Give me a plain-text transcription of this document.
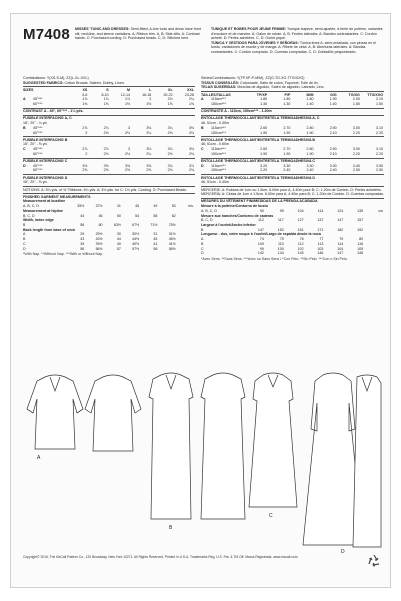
M7408 MISSES' TUNIC AND DRESSES: Semi-fitted, A-line tunic and dress have front slit, neckline, and sleeve variations. A: Ribbon trim. A, B: Side slits. A: Contrast bands. C: Purchased cording. D: Purchased beads. C, D: Stitched hem.
TUNIQUE ET ROBES POUR JEUNE FEMME: Tunique trapèze, semi-ajustée, à fente de poitrine, variantes d'encolure et de manche. A: Galon de ruban. A, B: Fentes latérales. A: Bandes contrastantes. C: Cordon acheté. D: Perles achetées. C, D: Ourlet piqué.
TÚNICA Y VESTIDOS PARA JÓVENES Y SEÑORAS: Túnica línea A, semi-entallada, con pinzas en el busto, variaciones de escote y de manga. A: Ribete de cinta. A, B: Aberturas laterales. A: Bandas contrastantes. C: Cordón comprado. D: Cuentas compradas. C, D: Dobladillo pespunteado.
Combinations: Y(XS-S-M), ZZ(L-XL-XXL)
SUGGESTED FABRICS: Cotton Broads, Sateen, Dobby, Linen.
SIZES	XS	S	M	L	XL	XXL
4-6	8-10	12-14	16-18	20-22	24-26
A	45"***	1⅞	1⅞	1⅞	2	2⅛	2¼
60"***	1⅜	1⅜	1½	1½	1⅝	1⅝
CONTRAST A - 45", 60"*** - 1¼ yds.
FUSIBLE INTERFACING A, C
18", 20" - ¼ yd.
B	45"***	2⅞	2⅞	3	3⅛	3¼	3⅜
60"***	2	2⅛	2⅛	2¼	2⅜	2⅜
FUSIBLE INTERFACING B
18", 20" - ⅝ yd.
C	45"***	2⅞	2⅞	3	3⅛	3¼	3⅜
60"***	2	2⅛	2⅛	2¼	2⅜	2⅜
FUSIBLE INTERFACING C
D	45"***	3½	3⅝	3⅝	3⅝	3¾	3⅞
60"***	2⅜	2⅝	2⅝	2⅝	2¾	2¾
FUSIBLE INTERFACING D
18", 20" - ⅜ yd.
NOTIONS: A: 5¼ yds. of ⅜" Ribbons. 6¼ yds. A: 4⅛ yds. for C: 1⅛ yds. Cording. D: Purchased Beads.
FINISHED GARMENT MEASUREMENTS
Measurement at bustline
A, B, C, D	35½	37½	41	45	49	53	ins.
Measurement at hipline
B, C, D	44	46	50	54	58	62
Width, lower edge
B	58	60	63½	67½	71½	75½
Back length from base of neck
A	29	29½	30	30½	31	31½
B	43	43½	44	44½	45	45½
C	39	39½	40	40½	41	41½
D	56	56½	57	57½	58	58½
*With Nap. **Without Nap. ***With or Without Nap.
Séries/Combinaisons: Y(TP.XP-P-M/M), ZZ(G-TG-XG-TTG/XXG)
TISSUS CONSEILLÉS: Cotonnade, Satin de coton, Façonné, Toile de lin.
TELAS SUGERIDAS: Mezclas de algodón, Satén de algodón, Labrado, Lino.
TAILLES/TALLAS	TP/XP	P/P	M/M	G/G	TG/XG	TTG/XXG
A	115cm***	1.80	1.80	1.80	1.90	2.00	2.10
150cm***	1.30	1.30	1.40	1.40	1.50	1.50
CONTRASTE A - 115cm, 150cm*** - 1.20m
ENTOLLAGE THERMOCOLLANT/ENTRETELA TERMOADHESIVA A, C
46, 51cm - 0.30m
B	115cm***	2.60	2.70	2.80	2.90	3.00	3.10
150cm***	1.90	1.90	1.90	2.10	2.20	2.20
ENTOLLAGE THERMOCOLLANT/ENTRETELA TERMOADHESIVA B
46, 51cm - 0.60m
C	115cm***	2.60	2.70	2.80	2.90	3.00	3.10
150cm***	1.90	1.90	1.90	2.10	2.20	2.20
ENTOLLAGE THERMOCOLLANT/ENTRETELA TERMOADHESIVA C
D	115cm***	3.20	3.30	3.30	3.30	3.40	3.50
150cm***	2.20	2.40	2.40	2.40	2.50	2.50
ENTOLLAGE THERMOCOLLANT/ENTRETELA TERMOADHESIVA D
46, 51cm - 0.40m
MERCERIE: A: Rubans de 1cm ou 1.5cm. 6.00m pour A, 4.40m pour B; C: 1.20m de Cordon. D: Perles achetées.
MERCERÍA: A: Cintas de 1cm ó 1.5cm. 6.00m para A, 4.40m para B; C: 1.20m de Cordón. D: Cuentas compradas.
MESURES DU VÊTEMENT FINI/MEDIDAS DE LA PRENDA ACABADA
Mesure à la poitrine/Contorno de busto
A, B, C, D	90	95	104	114	124	135	cm
Mesure aux hanches/Contorno de caderas
B, C, D	112	117	127	137	147	157
Largeur à l'ourlet/Ancho inferior
B	147	152	161	171	182	192
Longueur - dos, votre nuque à l'ourlet/Largo de espalda desde la nuca
A	74	75	76	77	79	80
B	109	110	112	113	114	116
C	99	100	102	103	104	105
D	142	144	145	146	147	148
*Avec Sens. **Sans Sens. ***Avec ou Sans Sens / *Con Pelo. **Sin Pelo. ***Con o Sin Pelo.
A
B
C
D
Copyright© 2016, The McCall Pattern Co., 120 Broadway, New York 10271. All Rights Reserved. Printed in U.S.A. Trademarks Reg. U.S. Pat. & TM Off. Marca Registrada. www.mccall.com
